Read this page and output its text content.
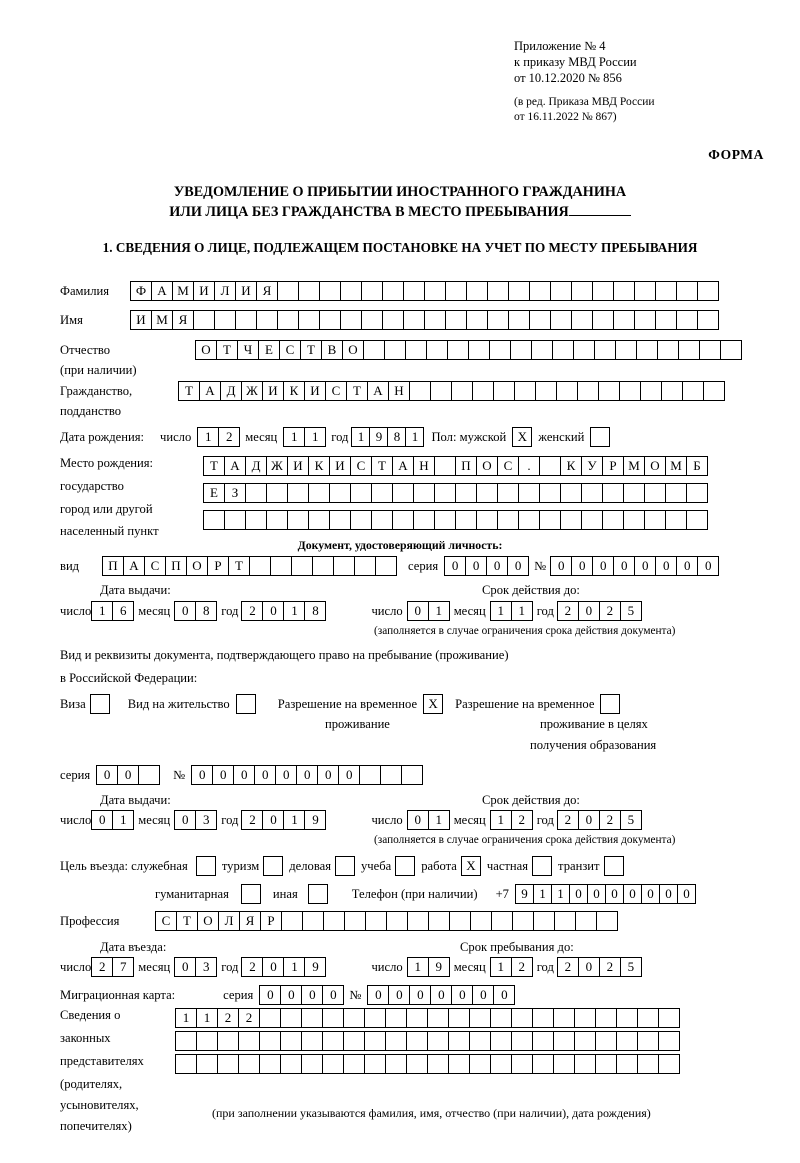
Приложение № 4
к приказу МВД России
от 10.12.2020 № 856
(в ред. Приказа МВД России
от 16.11.2022 № 867)
ФОРМА
УВЕДОМЛЕНИЕ О ПРИБЫТИИ ИНОСТРАННОГО ГРАЖДАНИНА
ИЛИ ЛИЦА БЕЗ ГРАЖДАНСТВА В МЕСТО ПРЕБЫВАНИЯ
1. СВЕДЕНИЯ О ЛИЦЕ, ПОДЛЕЖАЩЕМ ПОСТАНОВКЕ НА УЧЕТ ПО МЕСТУ ПРЕБЫВАНИЯ
Фамилия	Ф А М И Л И Я
Имя	И М Я
Отчество	О Т Ч Е С Т В О
(при наличии)
Гражданство,	Т А Д Ж И К И С Т А Н
подданство
Дата рождения: число	1	2	месяц	1	1	год 1 9 8 1	Пол: мужской Х женский
Место рождения:	Т А Д Ж И К И С Т А Н	П О С	.	К У Р М О М Б
государство	Е	З
город или другой
населенный пункт
Документ, удостоверяющий личность:
вид	П А С П О Р	Т	серия	0	0	0	0	№ 0	0	0	0	0	0	0	0
Дата выдачи:	Срок действия до:
число 1	6 месяц 0	8 год 2	0	1	8	число 0	1 месяц 1	1 год 2	0	2	5
(заполняется в случае ограничения срока действия документа)
Вид и реквизиты документа, подтверждающего право на пребывание (проживание)
в Российской Федерации:
Виза	Вид на жительство	Разрешение на временное Х	Разрешение на временное
проживание	проживание в целях
получения образования
серия	0	0	№	0	0	0	0	0	0	0	0
Дата выдачи:	Срок действия до:
число 0	1 месяц 0	3 год 2	0	1	9	число 0	1 месяц 1	2 год 2	0	2	5
(заполняется в случае ограничения срока действия документа)
Цель въезда: служебная	туризм деловая учеба работа Х частная транзит
гуманитарная	иная	Телефон (при наличии) +7 9 1 1 0 0 0 0 0 0 0
Профессия	С Т О Л Я	Р
Дата въезда:	Срок пребывания до:
число 2	7 месяц 0	3 год 2	0	1	9	число 1	9 месяц 1	2 год 2	0	2	5
Миграционная карта:	серия	0	0	0	0	№	0	0	0	0	0	0	0
Сведения о
законных
представителях
(родителях,
усыновителях,
попечителях)
1	1	2	2
(при заполнении указываются фамилия, имя, отчество (при наличии), дата рождения)
